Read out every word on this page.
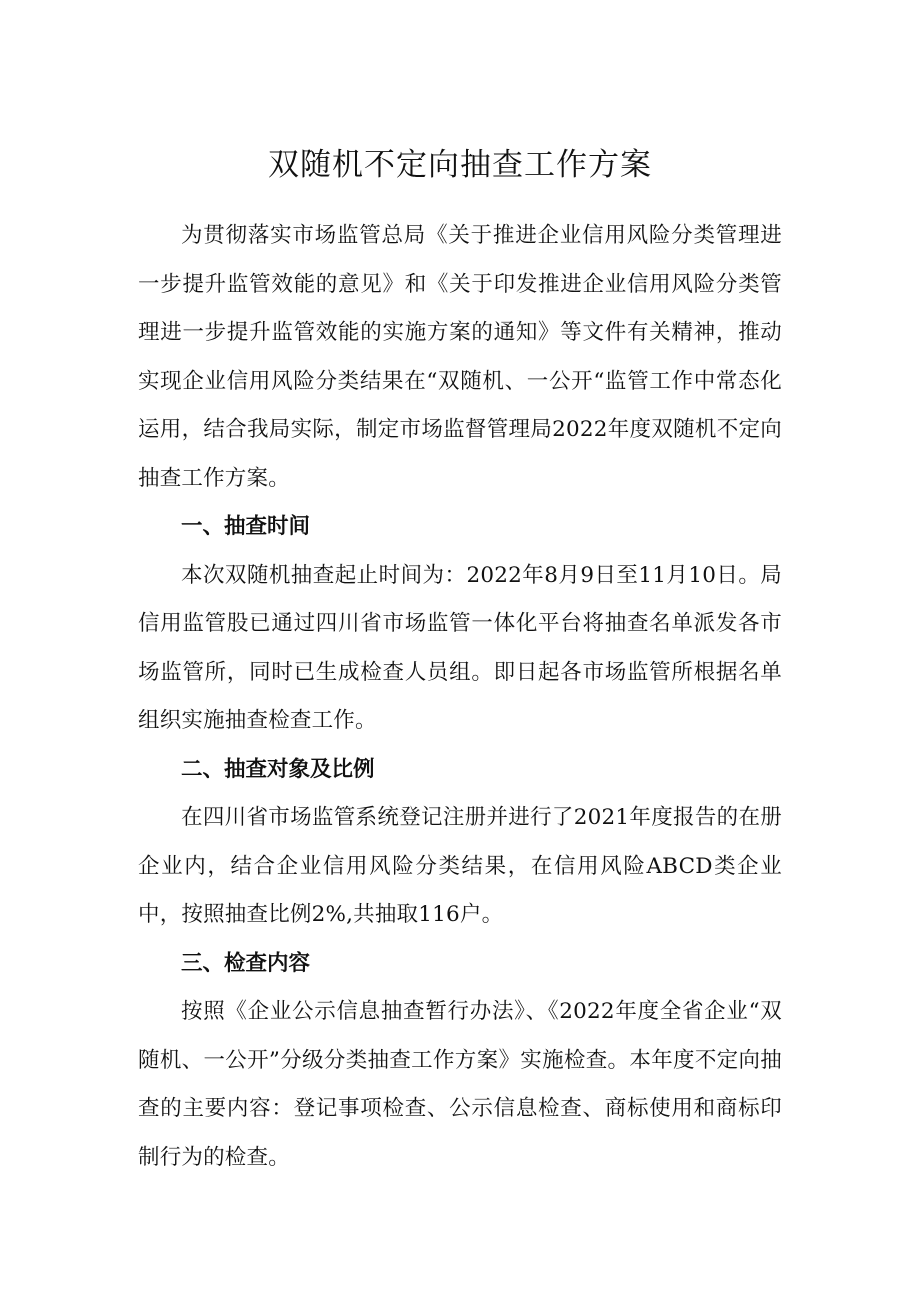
双随机不定向抽查工作方案

为贯彻落实市场监管总局《关于推进企业信用风险分类管理进一步提升监管效能的意见》和《关于印发推进企业信用风险分类管理进一步提升监管效能的实施方案的通知》等文件有关精神，推动实现企业信用风险分类结果在“双随机、一公开“监管工作中常态化运用，结合我局实际，制定市场监督管理局2022年度双随机不定向抽查工作方案。

一、抽查时间

本次双随机抽查起止时间为：2022年8月9日至11月10日。局信用监管股已通过四川省市场监管一体化平台将抽查名单派发各市场监管所，同时已生成检查人员组。即日起各市场监管所根据名单组织实施抽查检查工作。

二、抽查对象及比例

在四川省市场监管系统登记注册并进行了2021年度报告的在册企业内，结合企业信用风险分类结果，在信用风险ABCD类企业中，按照抽查比例2%,共抽取116户。

三、检查内容

按照《企业公示信息抽查暂行办法》、《2022年度全省企业“双随机、一公开”分级分类抽查工作方案》实施检查。本年度不定向抽查的主要内容：登记事项检查、公示信息检查、商标使用和商标印制行为的检查。
